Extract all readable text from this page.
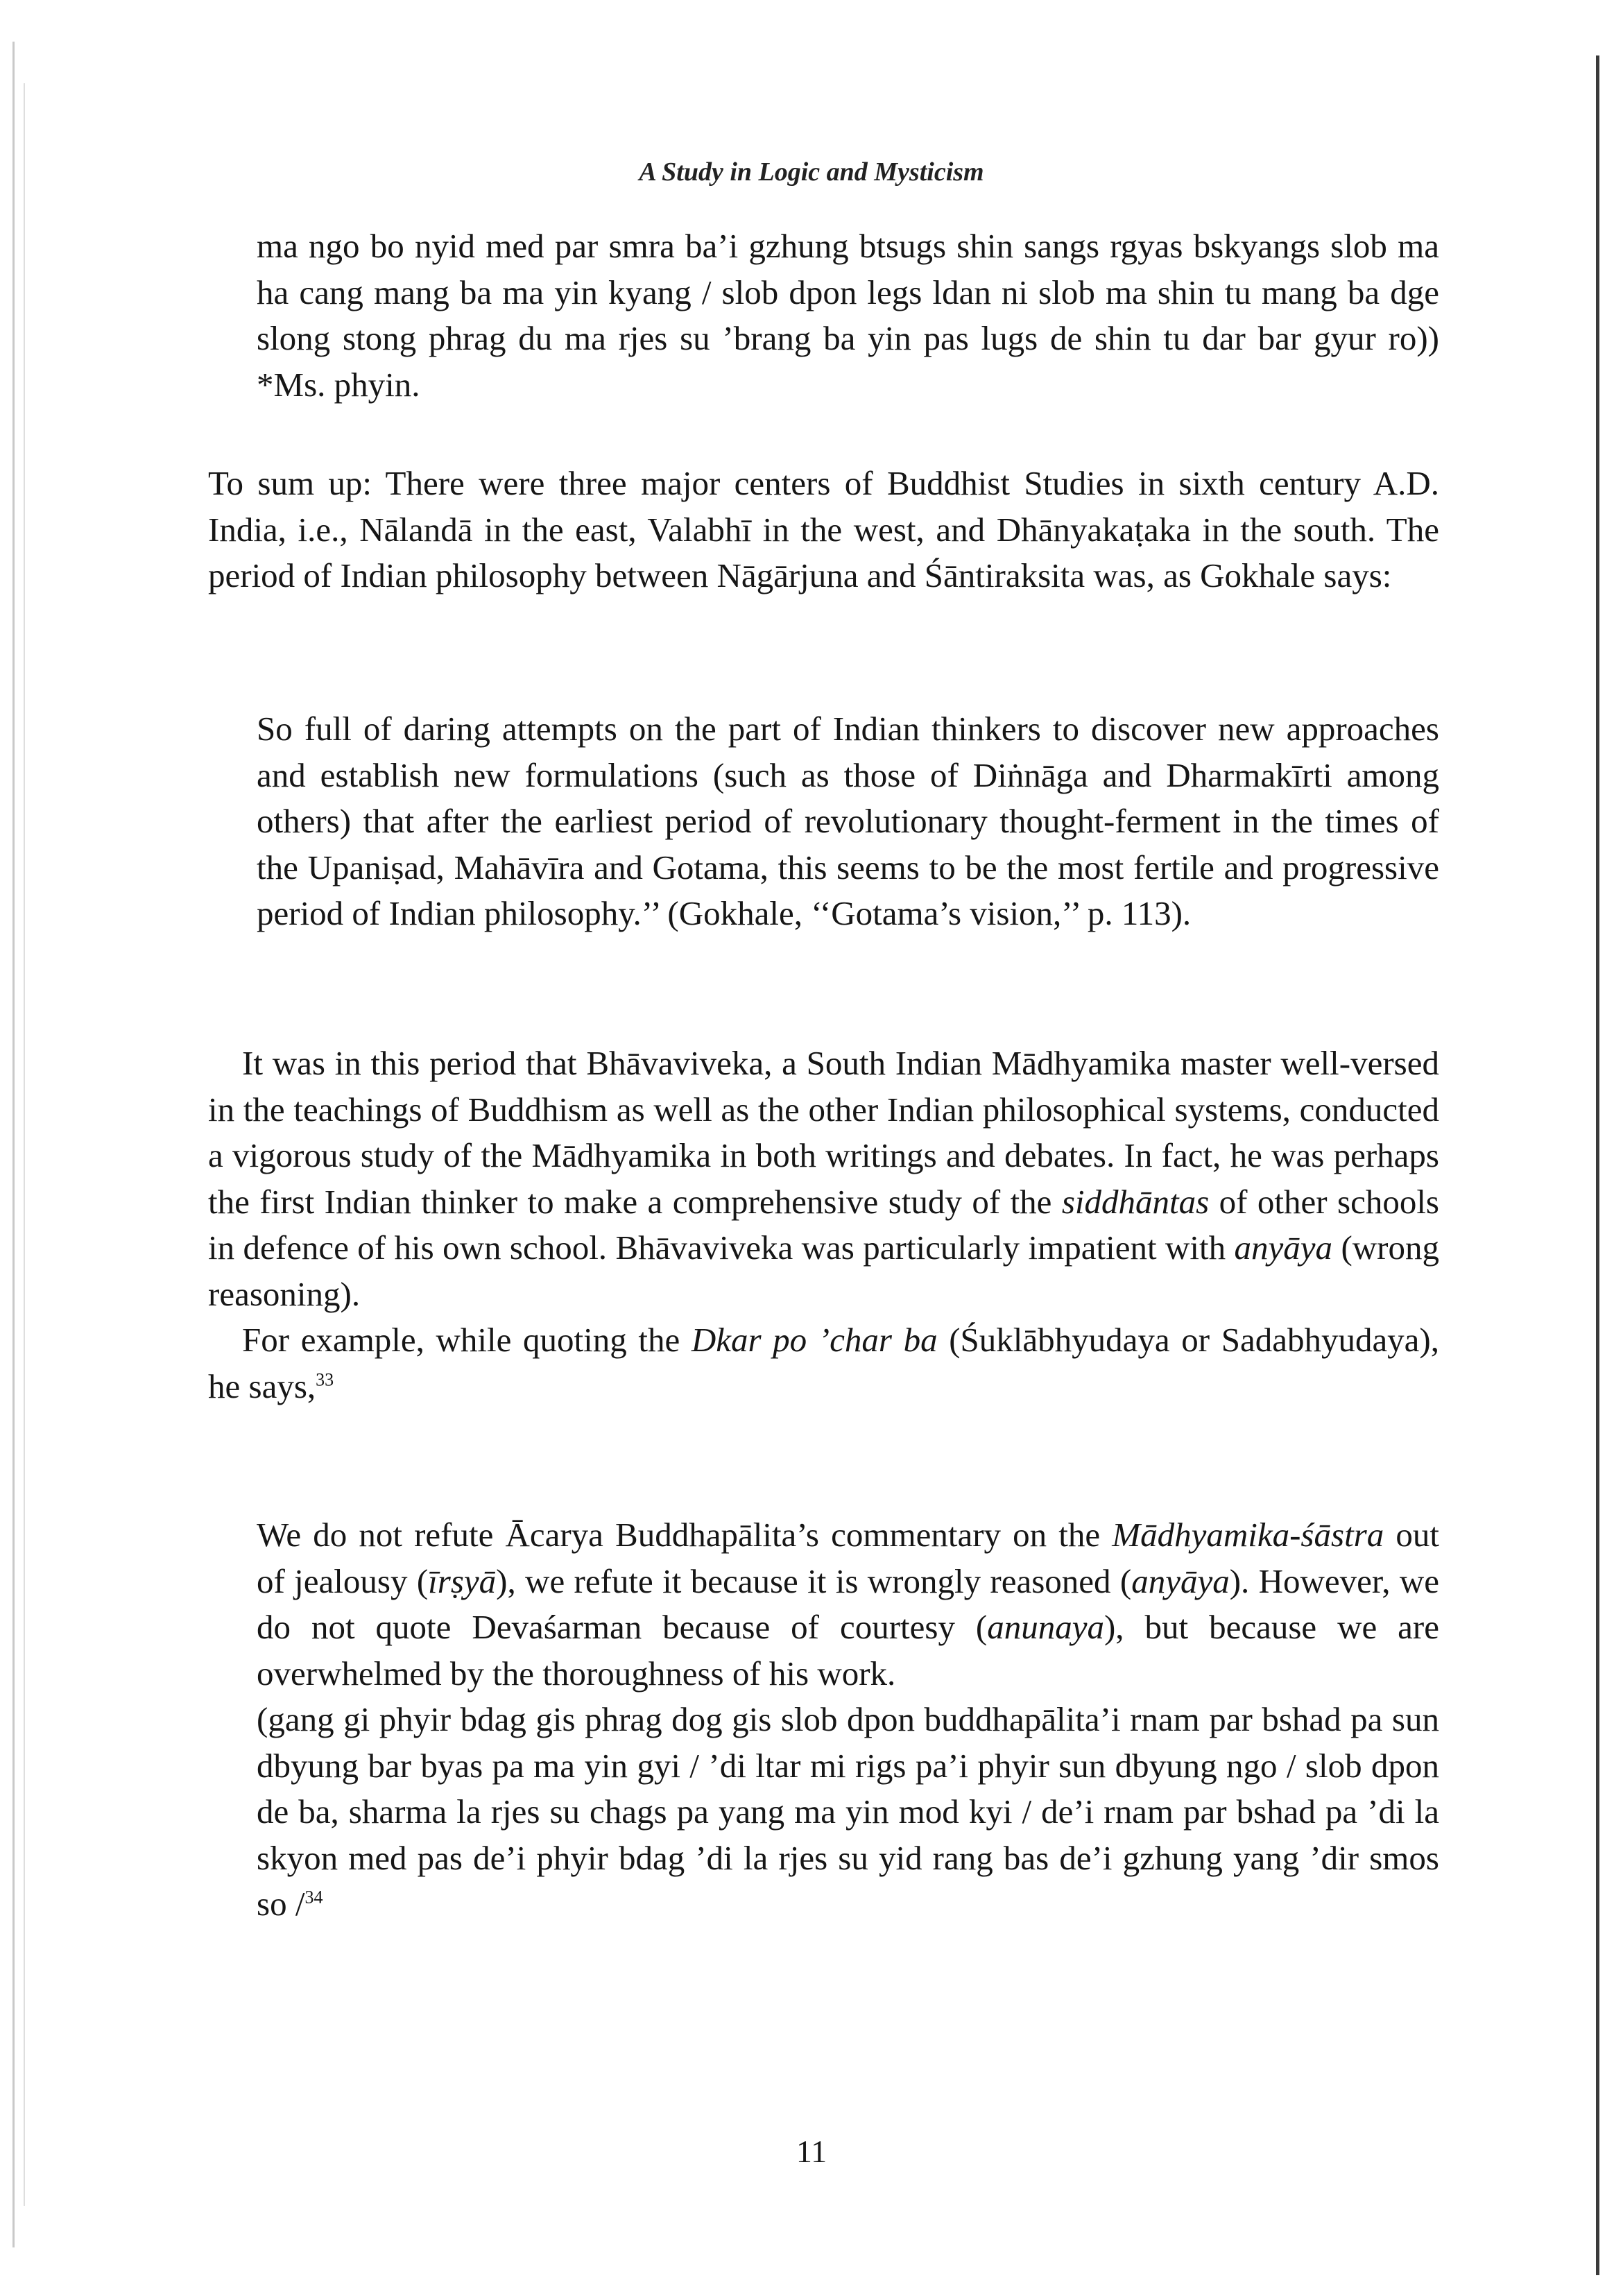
A Study in Logic and Mysticism

ma ngo bo nyid med par smra ba’i gzhung btsugs shin sangs rgyas bskyangs slob ma ha cang mang ba ma yin kyang / slob dpon legs ldan ni slob ma shin tu mang ba dge slong stong phrag du ma rjes su ’brang ba yin pas lugs de shin tu dar bar gyur ro)) *Ms. phyin.

To sum up: There were three major centers of Buddhist Studies in sixth century A.D. India, i.e., Nālandā in the east, Valabhī in the west, and Dhānyakaṭaka in the south. The period of Indian philosophy between Nāgārjuna and Śāntiraksita was, as Gokhale says:

So full of daring attempts on the part of Indian thinkers to discover new approaches and establish new formulations (such as those of Diṅnāga and Dharmakīrti among others) that after the earliest period of revolutionary thought-ferment in the times of the Upaniṣad, Mahāvīra and Gotama, this seems to be the most fertile and progressive period of Indian philosophy.’’ (Gokhale, ‘‘Gotama’s vision,’’ p. 113).

 It was in this period that Bhāvaviveka, a South Indian Mādhyamika master well-versed in the teachings of Buddhism as well as the other Indian philosophical systems, conducted a vigorous study of the Mādhyamika in both writings and debates. In fact, he was perhaps the first Indian thinker to make a comprehensive study of the siddhāntas of other schools in defence of his own school. Bhāvaviveka was particularly impatient with anyāya (wrong reasoning).

 For example, while quoting the Dkar po ’char ba (Śuklābhyudaya or Sadabhyudaya), he says,$^{33}$

We do not refute Ācarya Buddhapālita’s commentary on the Mādhyamika-śāstra out of jealousy (īrṣyā), we refute it because it is wrongly reasoned (anyāya). However, we do not quote Devaśarman because of courtesy (anunaya), but because we are overwhelmed by the thoroughness of his work.

(gang gi phyir bdag gis phrag dog gis slob dpon buddhapālita’i rnam par bshad pa sun dbyung bar byas pa ma yin gyi / ’di ltar mi rigs pa’i phyir sun dbyung ngo / slob dpon de ba, sharma la rjes su chags pa yang ma yin mod kyi / de’i rnam par bshad pa ’di la skyon med pas de’i phyir bdag ’di la rjes su yid rang bas de’i gzhung yang ’dir smos so /$^{34}$

11
